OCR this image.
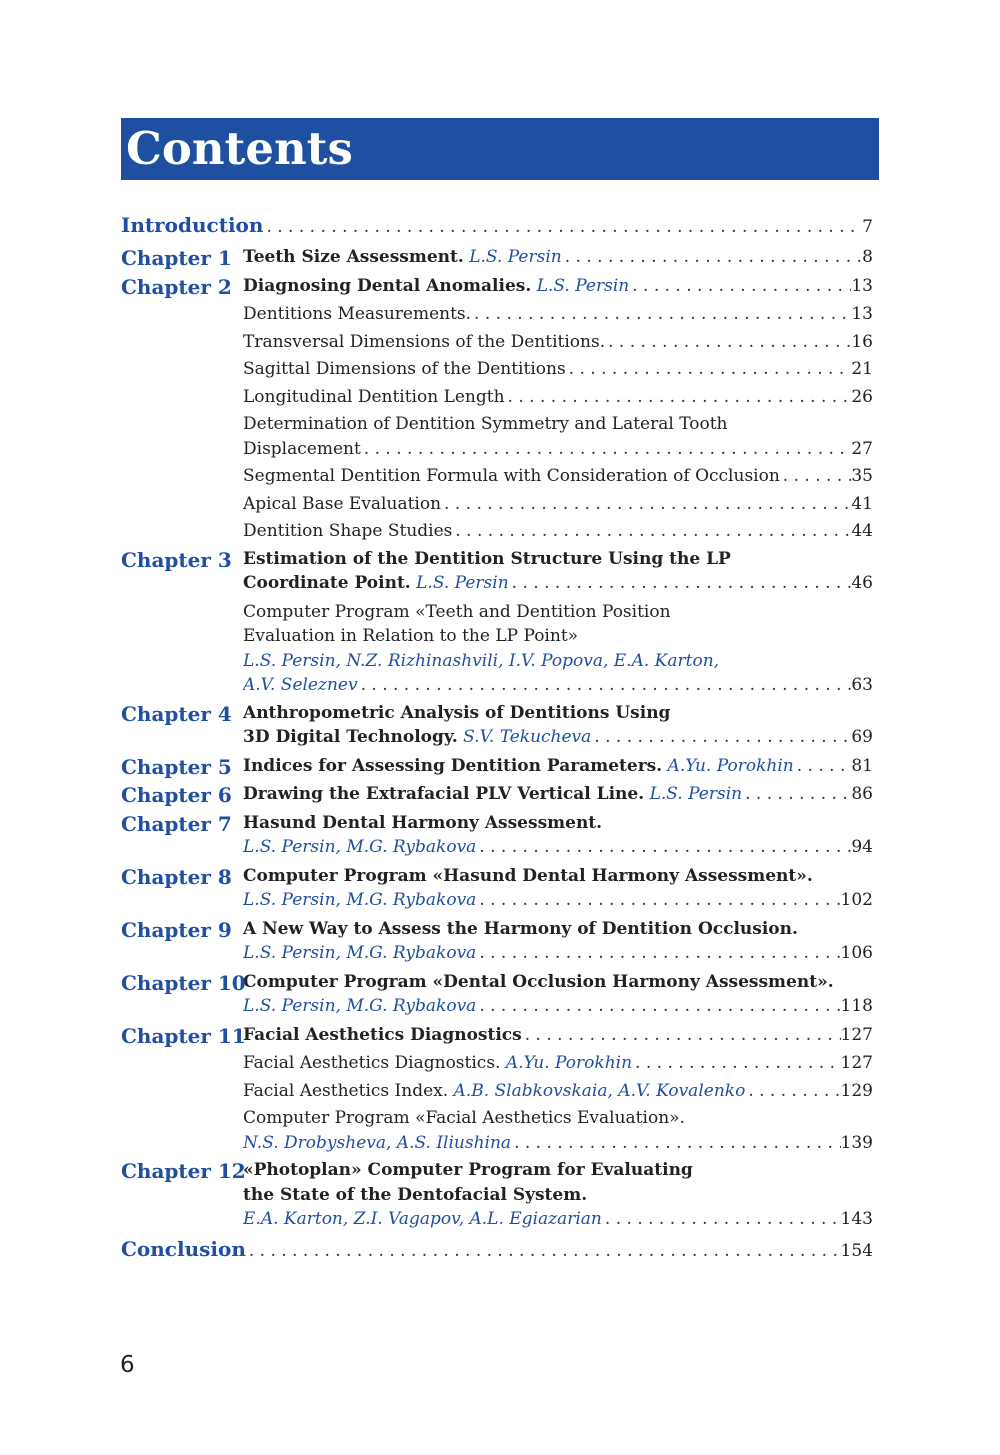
Contents
Introduction . . .	7
Chapter 1 Teeth Size Assessment. L.S. Persin . . .	8
Chapter 2 Diagnosing Dental Anomalies. L.S. Persin . . .	13
Dentitions Measurements. . . .	13
Transversal Dimensions of the Dentitions. . . .	16
Sagittal Dimensions of the Dentitions . . .	21
Longitudinal Dentition Length . . .	26
Determination of Dentition Symmetry and Lateral Tooth
Displacement . . .	27
Segmental Dentition Formula with Consideration of Occlusion . . .	35
Apical Base Evaluation . . .	41
Dentition Shape Studies . . .	44
Chapter 3 Estimation of the Dentition Structure Using the LP
Coordinate Point. L.S. Persin . . .	46
Computer Program «Teeth and Dentition Position
Evaluation in Relation to the LP Point»
L.S. Persin, N.Z. Rizhinashvili, I.V. Popova, E.A. Karton,
A.V. Seleznev . . .	63
Chapter 4 Anthropometric Analysis of Dentitions Using
3D Digital Technology. S.V. Tekucheva . . .	69
Chapter 5 Indices for Assessing Dentition Parameters. A.Yu. Porokhin . . .	81
Chapter 6 Drawing the Extrafacial PLV Vertical Line. L.S. Persin . . .	86
Chapter 7 Hasund Dental Harmony Assessment.
L.S. Persin, M.G. Rybakova . . .	94
Chapter 8 Computer Program «Hasund Dental Harmony Assessment».
L.S. Persin, M.G. Rybakova . . .	102
Chapter 9 A New Way to Assess the Harmony of Dentition Occlusion.
L.S. Persin, M.G. Rybakova . . .	106
Chapter 10
Computer Program «Dental Occlusion Harmony Assessment».
L.S. Persin, M.G. Rybakova . . .	118
Chapter 11
Facial Aesthetics Diagnostics . . .	127
Facial Aesthetics Diagnostics. A.Yu. Porokhin . . .	127
Facial Aesthetics Index. A.B. Slabkovskaia, A.V. Kovalenko . . .	129
Computer Program «Facial Aesthetics Evaluation».
N.S. Drobysheva, A.S. Iliushina . . .	139
Chapter 12
«Photoplan» Computer Program for Evaluating
the State of the Dentofacial System.
E.A. Karton, Z.I. Vagapov, A.L. Egiazarian . . .	143
Conclusion . . .	154
6
